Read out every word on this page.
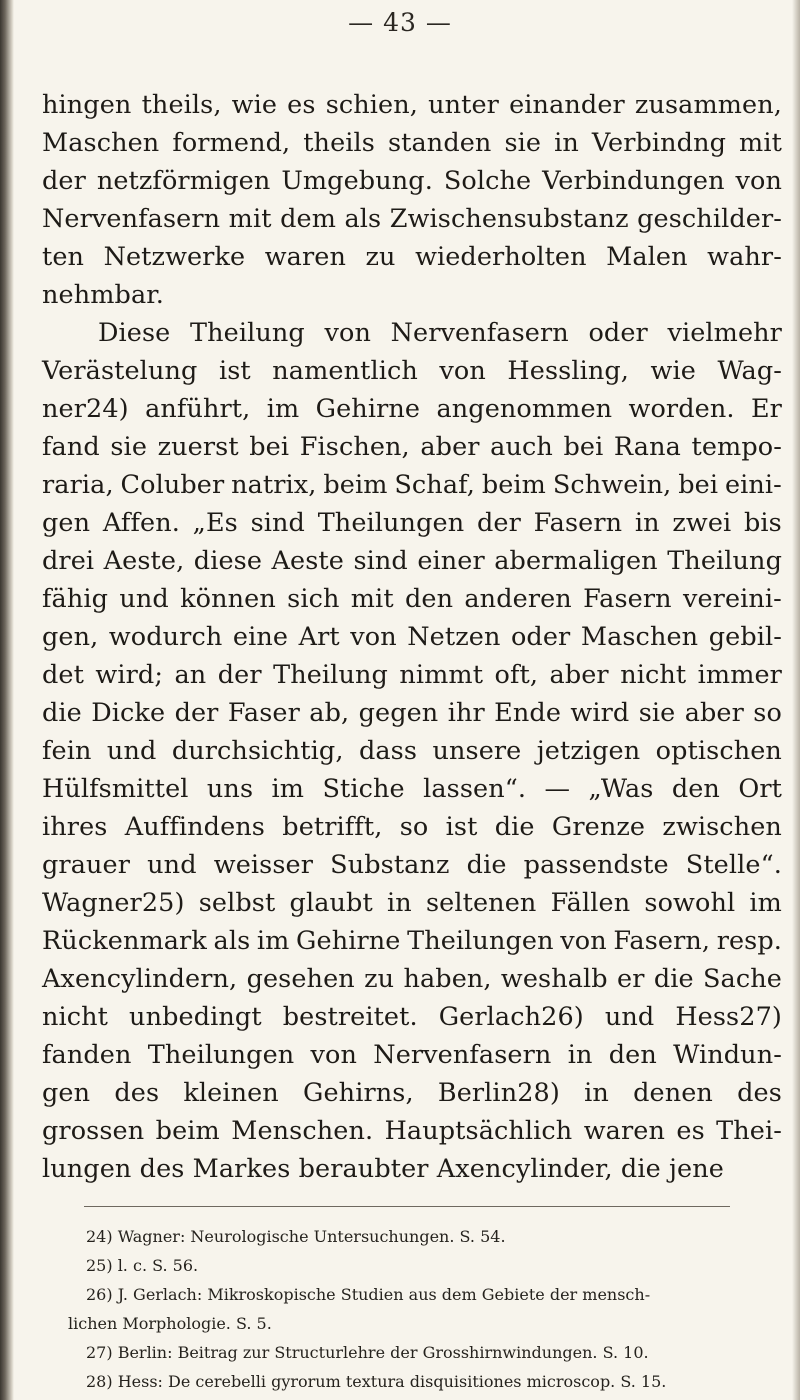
— 43 —
hingen theils, wie es schien, unter einander zusammen,
Maschen formend, theils standen sie in Verbindng mit
der netzförmigen Umgebung. Solche Verbindungen von
Nervenfasern mit dem als Zwischensubstanz geschilder-
ten Netzwerke waren zu wiederholten Malen wahr-
nehmbar.
Diese Theilung von Nervenfasern oder vielmehr
Verästelung ist namentlich von Hessling, wie Wag-
ner24) anführt, im Gehirne angenommen worden. Er
fand sie zuerst bei Fischen, aber auch bei Rana tempo-
raria, Coluber natrix, beim Schaf, beim Schwein, bei eini-
gen Affen. „Es sind Theilungen der Fasern in zwei bis
drei Aeste, diese Aeste sind einer abermaligen Theilung
fähig und können sich mit den anderen Fasern vereini-
gen, wodurch eine Art von Netzen oder Maschen gebil-
det wird; an der Theilung nimmt oft, aber nicht immer
die Dicke der Faser ab, gegen ihr Ende wird sie aber so
fein und durchsichtig, dass unsere jetzigen optischen
Hülfsmittel uns im Stiche lassen“. — „Was den Ort
ihres Auffindens betrifft, so ist die Grenze zwischen
grauer und weisser Substanz die passendste Stelle“.
Wagner25) selbst glaubt in seltenen Fällen sowohl im
Rückenmark als im Gehirne Theilungen von Fasern, resp.
Axencylindern, gesehen zu haben, weshalb er die Sache
nicht unbedingt bestreitet. Gerlach26) und Hess27)
fanden Theilungen von Nervenfasern in den Windun-
gen des kleinen Gehirns, Berlin28) in denen des
grossen beim Menschen. Hauptsächlich waren es Thei-
lungen des Markes beraubter Axencylinder, die jene
24) Wagner: Neurologische Untersuchungen. S. 54.
25) l. c. S. 56.
26) J. Gerlach: Mikroskopische Studien aus dem Gebiete der mensch-
lichen Morphologie. S. 5.
27) Berlin: Beitrag zur Structurlehre der Grosshirnwindungen. S. 10.
28) Hess: De cerebelli gyrorum textura disquisitiones microscop. S. 15.
